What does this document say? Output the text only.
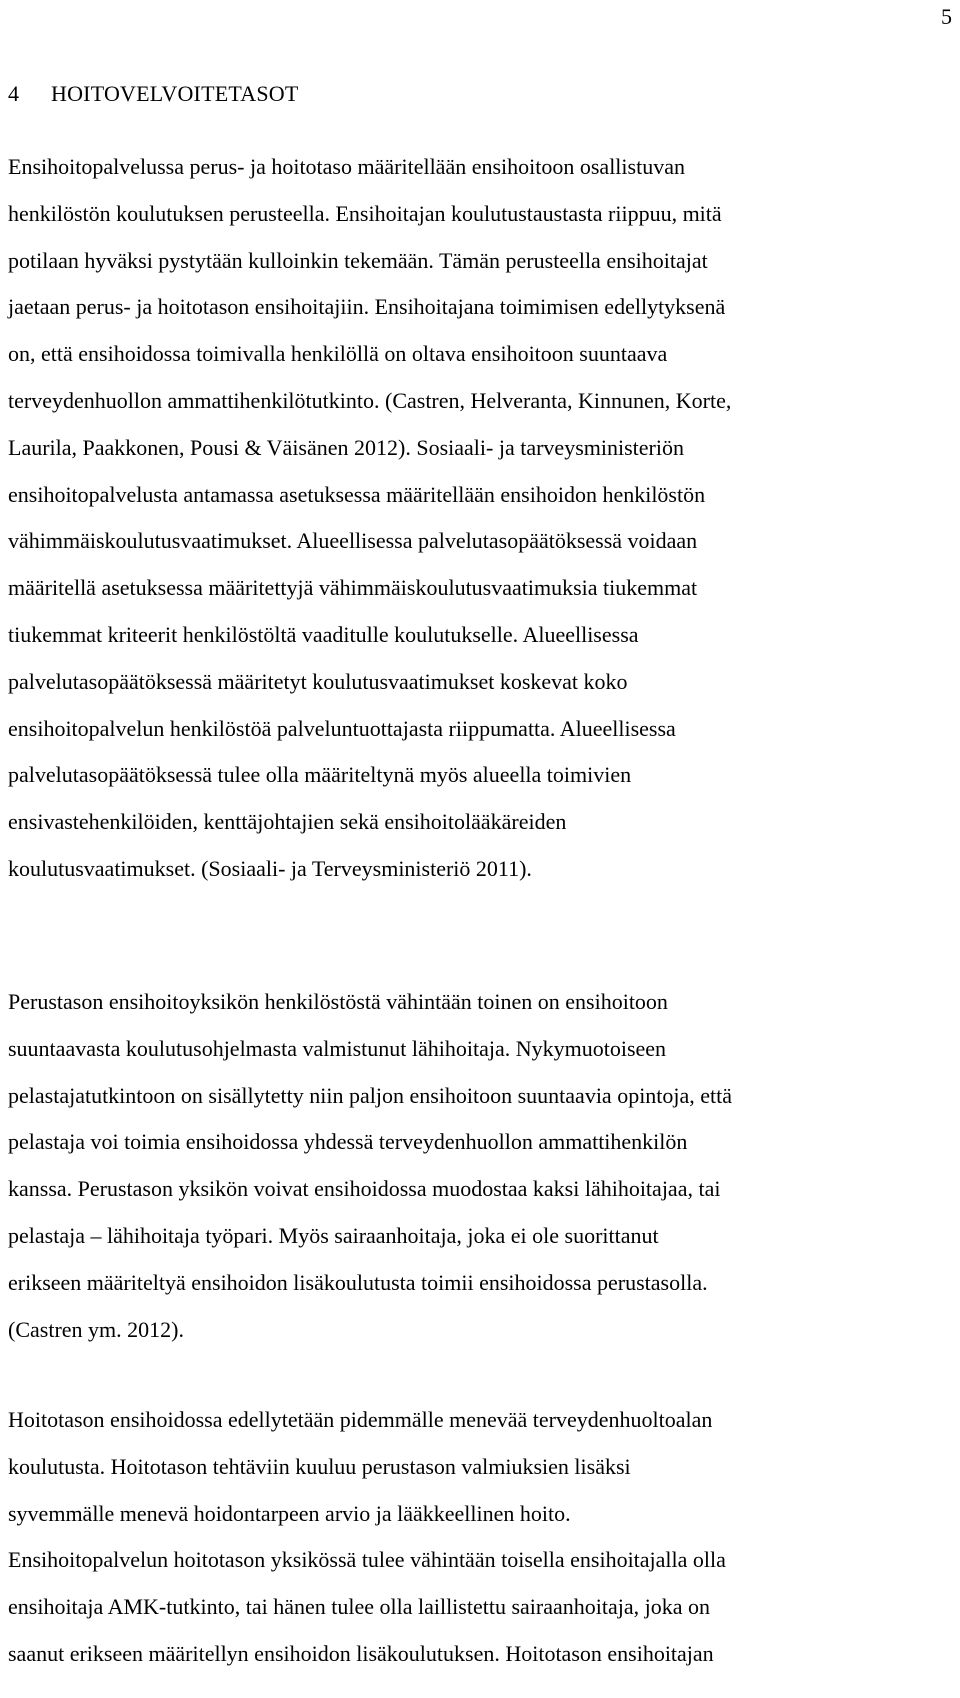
5
4 HOITOVELVOITETASOT
Ensihoitopalvelussa perus- ja hoitotaso määritellään ensihoitoon osallistuvan
henkilöstön koulutuksen perusteella. Ensihoitajan koulutustaustasta riippuu, mitä
potilaan hyväksi pystytään kulloinkin tekemään. Tämän perusteella ensihoitajat
jaetaan perus- ja hoitotason ensihoitajiin. Ensihoitajana toimimisen edellytyksenä
on, että ensihoidossa toimivalla henkilöllä on oltava ensihoitoon suuntaava
terveydenhuollon ammattihenkilötutkinto. (Castren, Helveranta, Kinnunen, Korte,
Laurila, Paakkonen, Pousi & Väisänen 2012). Sosiaali- ja tarveysministeriön
ensihoitopalvelusta antamassa asetuksessa määritellään ensihoidon henkilöstön
vähimmäiskoulutusvaatimukset. Alueellisessa palvelutasopäätöksessä voidaan
määritellä asetuksessa määritettyjä vähimmäiskoulutusvaatimuksia tiukemmat
tiukemmat kriteerit henkilöstöltä vaaditulle koulutukselle. Alueellisessa
palvelutasopäätöksessä määritetyt koulutusvaatimukset koskevat koko
ensihoitopalvelun henkilöstöä palveluntuottajasta riippumatta. Alueellisessa
palvelutasopäätöksessä tulee olla määriteltynä myös alueella toimivien
ensivastehenkilöiden, kenttäjohtajien sekä ensihoitolääkäreiden
koulutusvaatimukset. (Sosiaali- ja Terveysministeriö 2011).
Perustason ensihoitoyksikön henkilöstöstä vähintään toinen on ensihoitoon
suuntaavasta koulutusohjelmasta valmistunut lähihoitaja. Nykymuotoiseen
pelastajatutkintoon on sisällytetty niin paljon ensihoitoon suuntaavia opintoja, että
pelastaja voi toimia ensihoidossa yhdessä terveydenhuollon ammattihenkilön
kanssa. Perustason yksikön voivat ensihoidossa muodostaa kaksi lähihoitajaa, tai
pelastaja – lähihoitaja työpari. Myös sairaanhoitaja, joka ei ole suorittanut
erikseen määriteltyä ensihoidon lisäkoulutusta toimii ensihoidossa perustasolla.
(Castren ym. 2012).
Hoitotason ensihoidossa edellytetään pidemmälle menevää terveydenhuoltoalan
koulutusta. Hoitotason tehtäviin kuuluu perustason valmiuksien lisäksi
syvemmälle menevä hoidontarpeen arvio ja lääkkeellinen hoito.
Ensihoitopalvelun hoitotason yksikössä tulee vähintään toisella ensihoitajalla olla
ensihoitaja AMK-tutkinto, tai hänen tulee olla laillistettu sairaanhoitaja, joka on
saanut erikseen määritellyn ensihoidon lisäkoulutuksen. Hoitotason ensihoitajan
